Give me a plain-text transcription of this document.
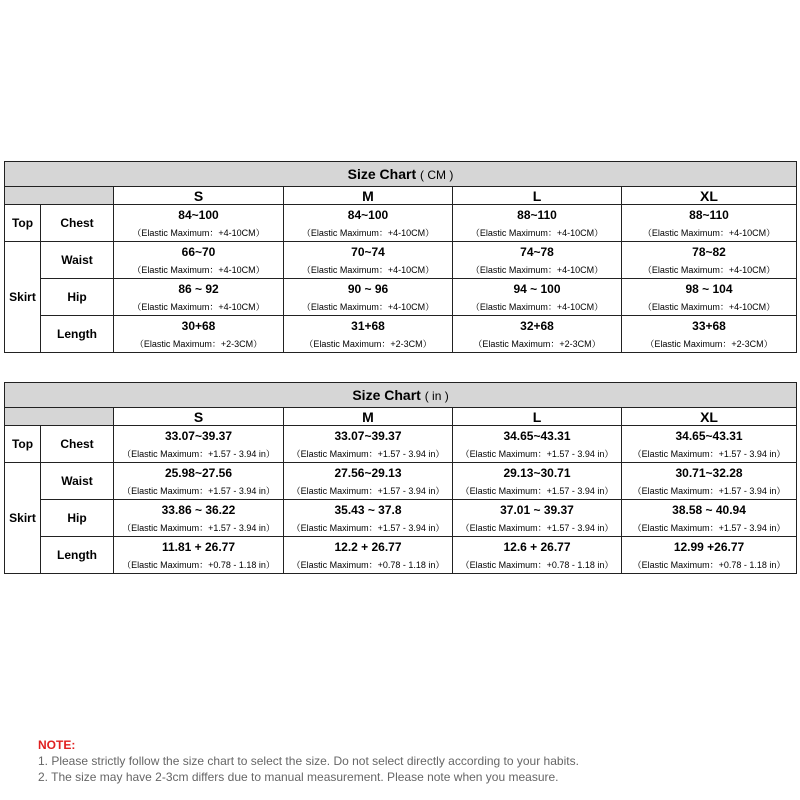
Size Chart ( CM )					
		S	M	L	XL
Top	Chest	84~100	84~100	88~110	88~110
		（Elastic Maximum：+4-10CM）	（Elastic Maximum：+4-10CM）	（Elastic Maximum：+4-10CM）	（Elastic Maximum：+4-10CM）
Skirt	Waist	66~70	70~74	74~78	78~82
		（Elastic Maximum：+4-10CM）	（Elastic Maximum：+4-10CM）	（Elastic Maximum：+4-10CM）	（Elastic Maximum：+4-10CM）
	Hip	86 ~ 92	90 ~ 96	94 ~ 100	98 ~ 104
		（Elastic Maximum：+4-10CM）	（Elastic Maximum：+4-10CM）	（Elastic Maximum：+4-10CM）	（Elastic Maximum：+4-10CM）
	Length	30+68	31+68	32+68	33+68
		（Elastic Maximum：+2-3CM）	（Elastic Maximum：+2-3CM）	（Elastic Maximum：+2-3CM）	（Elastic Maximum：+2-3CM）
Size Chart ( in )					
		S	M	L	XL
Top	Chest	33.07~39.37	33.07~39.37	34.65~43.31	34.65~43.31
		（Elastic Maximum：+1.57 - 3.94 in）	（Elastic Maximum：+1.57 - 3.94 in）	（Elastic Maximum：+1.57 - 3.94 in）	（Elastic Maximum：+1.57 - 3.94 in）
Skirt	Waist	25.98~27.56	27.56~29.13	29.13~30.71	30.71~32.28
		（Elastic Maximum：+1.57 - 3.94 in）	（Elastic Maximum：+1.57 - 3.94 in）	（Elastic Maximum：+1.57 - 3.94 in）	（Elastic Maximum：+1.57 - 3.94 in）
	Hip	33.86 ~ 36.22	35.43 ~ 37.8	37.01 ~ 39.37	38.58 ~ 40.94
		（Elastic Maximum：+1.57 - 3.94 in）	（Elastic Maximum：+1.57 - 3.94 in）	（Elastic Maximum：+1.57 - 3.94 in）	（Elastic Maximum：+1.57 - 3.94 in）
	Length	11.81 + 26.77	12.2 + 26.77	12.6 + 26.77	12.99 +26.77
		（Elastic Maximum：+0.78 - 1.18 in）	（Elastic Maximum：+0.78 - 1.18 in）	（Elastic Maximum：+0.78 - 1.18 in）	（Elastic Maximum：+0.78 - 1.18 in）
NOTE:
1. Please strictly follow the size chart to select the size. Do not select directly according to your habits.
2. The size may have 2-3cm differs due to manual measurement. Please note when you measure.
